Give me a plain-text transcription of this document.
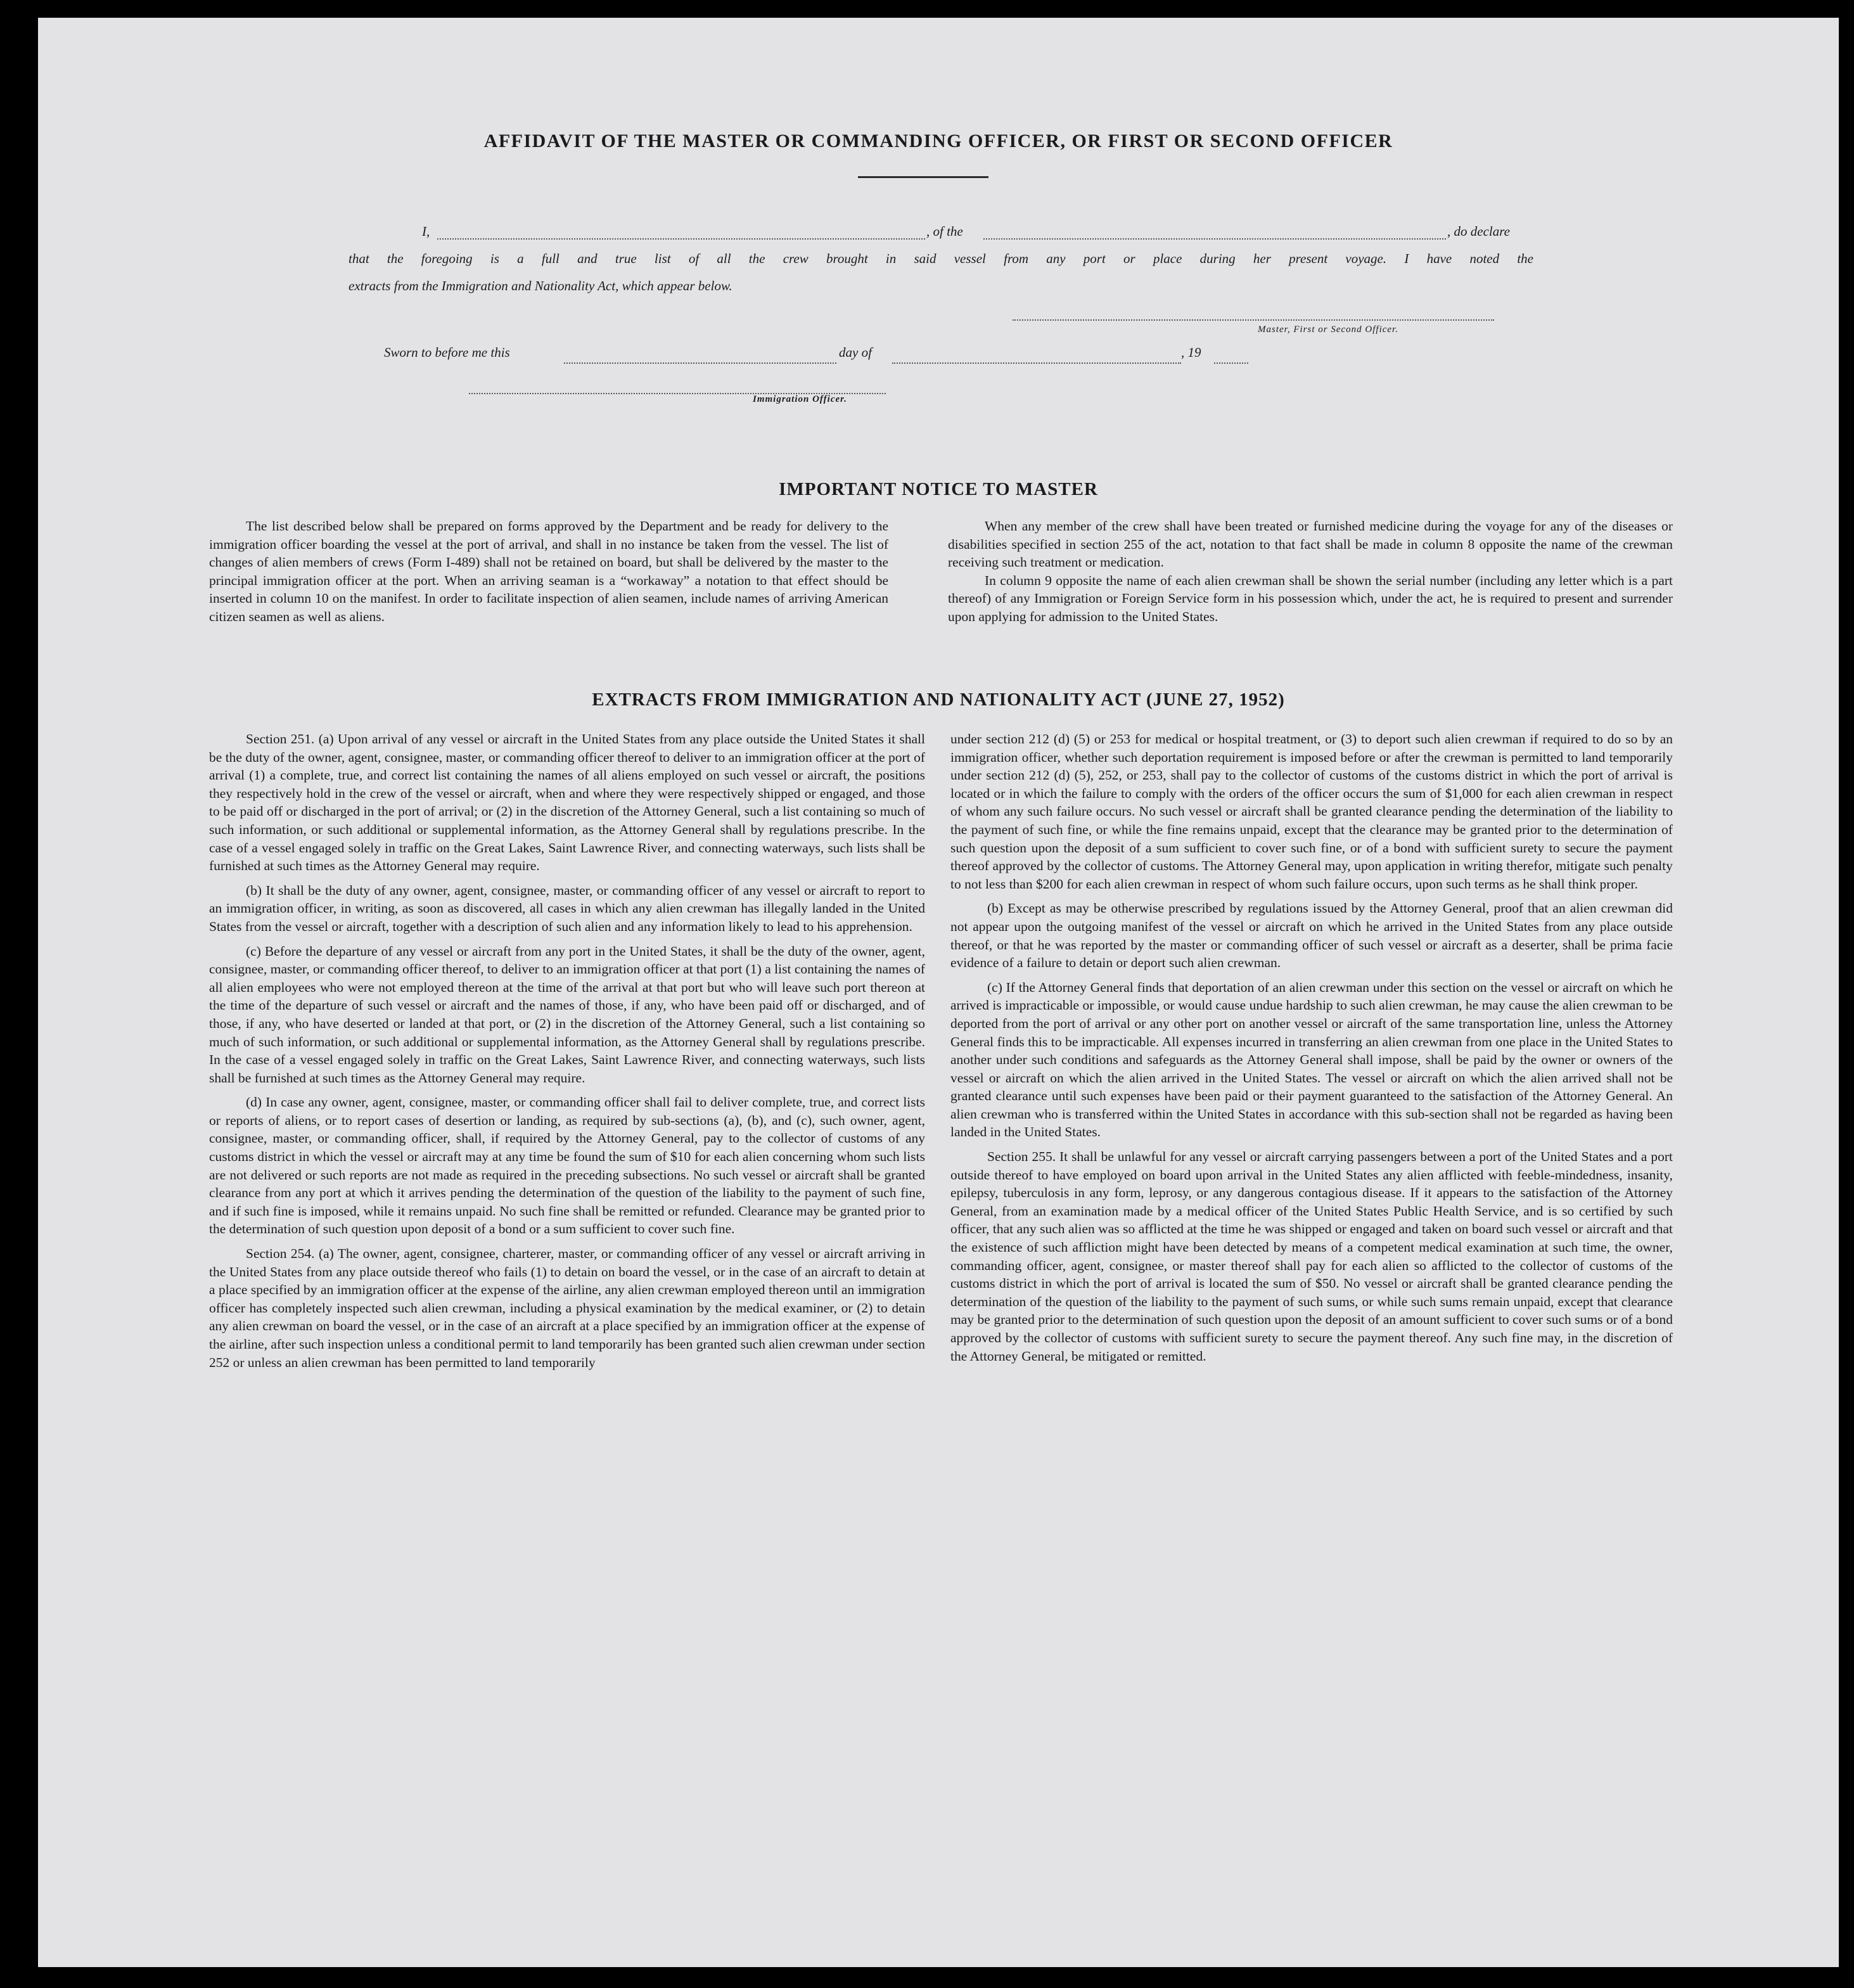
AFFIDAVIT OF THE MASTER OR COMMANDING OFFICER, OR FIRST OR SECOND OFFICER
I,	, of the	, do declare
that the foregoing is a full and true list of all the crew brought in said vessel from any port or place during her present voyage. I have noted the
extracts from the Immigration and Nationality Act, which appear below.
Master, First or Second Officer.
Sworn to before me this	day of	, 19
Immigration Officer.
IMPORTANT NOTICE TO MASTER

The list described below shall be prepared on forms approved by the Department and be ready for delivery to the immigration officer boarding the vessel at the port of arrival, and shall in no instance be taken from the vessel. The list of changes of alien members of crews (Form I-489) shall not be retained on board, but shall be delivered by the master to the principal immigration officer at the port. When an arriving seaman is a “workaway” a notation to that effect should be inserted in column 10 on the manifest. In order to facilitate inspection of alien seamen, include names of arriving American citizen seamen as well as aliens.

When any member of the crew shall have been treated or furnished medicine during the voyage for any of the diseases or disabilities specified in section 255 of the act, notation to that fact shall be made in column 8 opposite the name of the crewman receiving such treatment or medication.

In column 9 opposite the name of each alien crewman shall be shown the serial number (including any letter which is a part thereof) of any Immigration or Foreign Service form in his possession which, under the act, he is required to present and surrender upon applying for admission to the United States.

EXTRACTS FROM IMMIGRATION AND NATIONALITY ACT (JUNE 27, 1952)

Section 251. (a) Upon arrival of any vessel or aircraft in the United States from any place outside the United States it shall be the duty of the owner, agent, consignee, master, or commanding officer thereof to deliver to an immigration officer at the port of arrival (1) a complete, true, and correct list containing the names of all aliens employed on such vessel or aircraft, the positions they respectively hold in the crew of the vessel or aircraft, when and where they were respectively shipped or engaged, and those to be paid off or discharged in the port of arrival; or (2) in the discretion of the Attorney General, such a list containing so much of such information, or such additional or supplemental information, as the Attorney General shall by regulations prescribe. In the case of a vessel engaged solely in traffic on the Great Lakes, Saint Lawrence River, and connecting waterways, such lists shall be furnished at such times as the Attorney General may require.

(b) It shall be the duty of any owner, agent, consignee, master, or commanding officer of any vessel or aircraft to report to an immigration officer, in writing, as soon as discovered, all cases in which any alien crewman has illegally landed in the United States from the vessel or aircraft, together with a description of such alien and any information likely to lead to his apprehension.

(c) Before the departure of any vessel or aircraft from any port in the United States, it shall be the duty of the owner, agent, consignee, master, or commanding officer thereof, to deliver to an immigration officer at that port (1) a list containing the names of all alien employees who were not employed thereon at the time of the arrival at that port but who will leave such port thereon at the time of the departure of such vessel or aircraft and the names of those, if any, who have been paid off or discharged, and of those, if any, who have deserted or landed at that port, or (2) in the discretion of the Attorney General, such a list containing so much of such information, or such additional or supplemental information, as the Attorney General shall by regulations prescribe. In the case of a vessel engaged solely in traffic on the Great Lakes, Saint Lawrence River, and connecting waterways, such lists shall be furnished at such times as the Attorney General may require.

(d) In case any owner, agent, consignee, master, or commanding officer shall fail to deliver complete, true, and correct lists or reports of aliens, or to report cases of desertion or landing, as required by sub-sections (a), (b), and (c), such owner, agent, consignee, master, or commanding officer, shall, if required by the Attorney General, pay to the collector of customs of any customs district in which the vessel or aircraft may at any time be found the sum of $10 for each alien concerning whom such lists are not delivered or such reports are not made as required in the preceding subsections. No such vessel or aircraft shall be granted clearance from any port at which it arrives pending the determination of the question of the liability to the payment of such fine, and if such fine is imposed, while it remains unpaid. No such fine shall be remitted or refunded. Clearance may be granted prior to the determination of such question upon deposit of a bond or a sum sufficient to cover such fine.

Section 254. (a) The owner, agent, consignee, charterer, master, or commanding officer of any vessel or aircraft arriving in the United States from any place outside thereof who fails (1) to detain on board the vessel, or in the case of an aircraft to detain at a place specified by an immigration officer at the expense of the airline, any alien crewman employed thereon until an immigration officer has completely inspected such alien crewman, including a physical examination by the medical examiner, or (2) to detain any alien crewman on board the vessel, or in the case of an aircraft at a place specified by an immigration officer at the expense of the airline, after such inspection unless a conditional permit to land temporarily has been granted such alien crewman under section 252 or unless an alien crewman has been permitted to land temporarily

under section 212 (d) (5) or 253 for medical or hospital treatment, or (3) to deport such alien crewman if required to do so by an immigration officer, whether such deportation requirement is imposed before or after the crewman is permitted to land temporarily under section 212 (d) (5), 252, or 253, shall pay to the collector of customs of the customs district in which the port of arrival is located or in which the failure to comply with the orders of the officer occurs the sum of $1,000 for each alien crewman in respect of whom any such failure occurs. No such vessel or aircraft shall be granted clearance pending the determination of the liability to the payment of such fine, or while the fine remains unpaid, except that the clearance may be granted prior to the determination of such question upon the deposit of a sum sufficient to cover such fine, or of a bond with sufficient surety to secure the payment thereof approved by the collector of customs. The Attorney General may, upon application in writing therefor, mitigate such penalty to not less than $200 for each alien crewman in respect of whom such failure occurs, upon such terms as he shall think proper.

(b) Except as may be otherwise prescribed by regulations issued by the Attorney General, proof that an alien crewman did not appear upon the outgoing manifest of the vessel or aircraft on which he arrived in the United States from any place outside thereof, or that he was reported by the master or commanding officer of such vessel or aircraft as a deserter, shall be prima facie evidence of a failure to detain or deport such alien crewman.

(c) If the Attorney General finds that deportation of an alien crewman under this section on the vessel or aircraft on which he arrived is impracticable or impossible, or would cause undue hardship to such alien crewman, he may cause the alien crewman to be deported from the port of arrival or any other port on another vessel or aircraft of the same transportation line, unless the Attorney General finds this to be impracticable. All expenses incurred in transferring an alien crewman from one place in the United States to another under such conditions and safeguards as the Attorney General shall impose, shall be paid by the owner or owners of the vessel or aircraft on which the alien arrived in the United States. The vessel or aircraft on which the alien arrived shall not be granted clearance until such expenses have been paid or their payment guaranteed to the satisfaction of the Attorney General. An alien crewman who is transferred within the United States in accordance with this sub-section shall not be regarded as having been landed in the United States.

Section 255. It shall be unlawful for any vessel or aircraft carrying passengers between a port of the United States and a port outside thereof to have employed on board upon arrival in the United States any alien afflicted with feeble-mindedness, insanity, epilepsy, tuberculosis in any form, leprosy, or any dangerous contagious disease. If it appears to the satisfaction of the Attorney General, from an examination made by a medical officer of the United States Public Health Service, and is so certified by such officer, that any such alien was so afflicted at the time he was shipped or engaged and taken on board such vessel or aircraft and that the existence of such affliction might have been detected by means of a competent medical examination at such time, the owner, commanding officer, agent, consignee, or master thereof shall pay for each alien so afflicted to the collector of customs of the customs district in which the port of arrival is located the sum of $50. No vessel or aircraft shall be granted clearance pending the determination of the question of the liability to the payment of such sums, or while such sums remain unpaid, except that clearance may be granted prior to the determination of such question upon the deposit of an amount sufficient to cover such sums or of a bond approved by the collector of customs with sufficient surety to secure the payment thereof. Any such fine may, in the discretion of the Attorney General, be mitigated or remitted.
